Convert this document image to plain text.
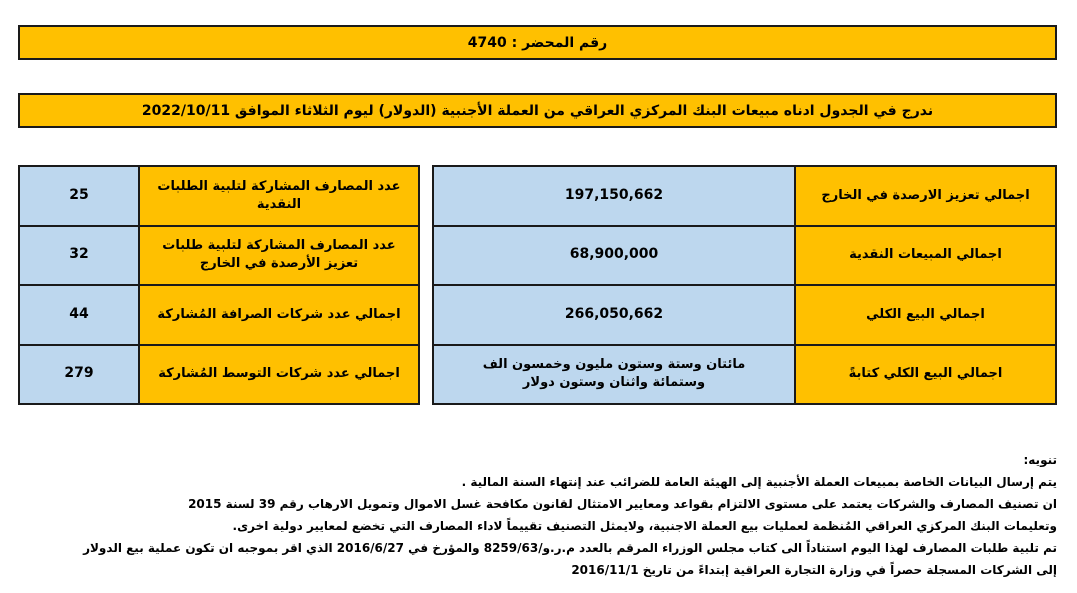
رقم المحضر : 4740
ندرج في الجدول ادناه مبيعات البنك المركزي العراقي من العملة الأجنبية (الدولار) ليوم الثلاثاء الموافق 2022/10/11
عدد المصارف المشاركة لتلبية الطلبات النقدية
25
عدد المصارف المشاركة لتلبية طلبات تعزيز الأرصدة في الخارج
32
اجمالي عدد شركات الصرافة المُشاركة
44
اجمالي عدد شركات التوسط المُشاركة
279
اجمالي تعزيز الارصدة في الخارج
197,150,662
اجمالي المبيعات النقدية
68,900,000
اجمالي البيع الكلي
266,050,662
اجمالي البيع الكلي كتابةً
مائتان وستة وستون مليون وخمسون الف وستمائة واثنان وستون دولار
تنويه:
يتم إرسال البيانات الخاصة بمبيعات العملة الأجنبية إلى الهيئة العامة للضرائب عند إنتهاء السنة المالية .
ان تصنيف المصارف والشركات يعتمد على مستوى الالتزام بقواعد ومعايير الامتثال لقانون مكافحة غسل الاموال وتمويل الارهاب رقم 39 لسنة 2015
وتعليمات البنك المركزي العراقي المُنظمة لعمليات بيع العملة الاجنبية، ولايمثل التصنيف تقييماً لاداء المصارف التي تخضع لمعايير دولية اخرى.
تم تلبية طلبات المصارف لهذا اليوم استناداً الى كتاب مجلس الوزراء المرقم بالعدد م.ر.و/8259/63 والمؤرخ في 2016/6/27 الذي اقر بموجبه ان تكون عملية بيع الدولار
إلى الشركات المسجلة حصراً في وزارة التجارة العراقية إبتداءً من تاريخ 2016/11/1
